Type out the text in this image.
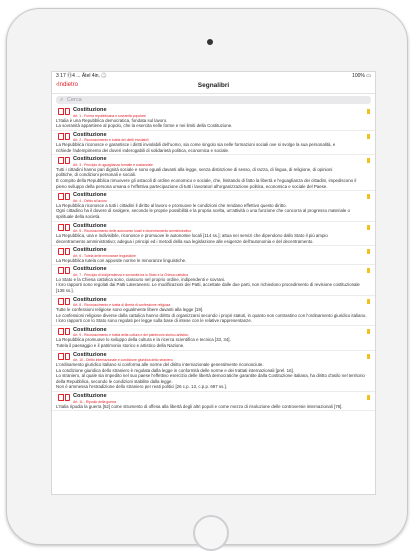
3 17 Ⓗ4 ... Ätel 4in. ㊂	100% ▭
‹Indietro	Segnalibri
⌕ Cerca
Costituzione
Art. 1 - Forma repubblicana e sovranità popolare
L'Italia è una Repubblica democratica, fondata sul lavoro.
La sovranità appartiene al popolo, che la esercita nelle forme e nei limiti della Costituzione.
Costituzione
Art. 2 - Riconoscimento e tutela dei diritti inviolabili
La Repubblica riconosce e garantisce i diritti inviolabili dell'uomo, sia come singolo sia nelle formazioni sociali ove si svolge la sua personalità, e
richiede l'adempimento dei doveri inderogabili di solidarietà politica, economica e sociale.
Costituzione
Art. 3 - Principio di uguaglianza formale e sostanziale
Tutti i cittadini hanno pari dignità sociale e sono eguali davanti alla legge, senza distinzione di sesso, di razza, di lingua, di religione, di opinioni
politiche, di condizioni personali e sociali.
È compito della Repubblica rimuovere gli ostacoli di ordine economico e sociale, che, limitando di fatto la libertà e l'eguaglianza dei cittadini, impediscono il
pieno sviluppo della persona umana e l'effettiva partecipazione di tutti i lavoratori all'organizzazione politica, economica e sociale del Paese.
Costituzione
Art. 4 - Diritto al lavoro
La Repubblica riconosce a tutti i cittadini il diritto al lavoro e promuove le condizioni che rendano effettivo questo diritto.
Ogni cittadino ha il dovere di svolgere, secondo le proprie possibilità e la propria scelta, un'attività o una funzione che concorra al progresso materiale o
spirituale della società.
Costituzione
Art. 5 - Riconoscimento delle autonomie locali e decentramento amministrativo
La Repubblica, una e indivisibile, riconosce e promuove le autonomie locali [114 ss.]; attua nei servizi che dipendono dallo Stato il più ampio
decentramento amministrativo; adegua i principi ed i metodi della sua legislazione alle esigenze dell'autonomia e del decentramento.
Costituzione
Art. 6 - Tutela delle minoranze linguistiche
La Repubblica tutela con apposite norme le minoranze linguistiche.
Costituzione
Art. 7 - Principio di indipendenza e sovranità tra lo Stato e la Chiesa cattolica
Lo Stato e la Chiesa cattolica sono, ciascuno nel proprio ordine, indipendenti e sovrani.
I loro rapporti sono regolati dai Patti Lateranensi. Le modificazioni dei Patti, accettate dalle due parti, non richiedono procedimento di revisione costituzionale
[138 ss.].
Costituzione
Art. 8 - Riconoscimento e tutela di libertà di confessione religiosa
Tutte le confessioni religiose sono egualmente libere davanti alla legge [19].
Le confessioni religiose diverse dalla cattolica hanno diritto di organizzarsi secondo i propri statuti, in quanto non contrastino con l'ordinamento giuridico italiano.
I loro rapporti con lo Stato sono regolati per legge sulla base di intese con le relative rappresentanze.
Costituzione
Art. 9 - Riconoscimento e tutela della cultura e del patrimonio storico-artistico
La Repubblica promuove lo sviluppo della cultura e la ricerca scientifica e tecnica [33, 34].
Tutela il paesaggio e il patrimonio storico e artistico della Nazione.
Costituzione
Art. 10 - Diritto internazionale e condizione giuridica dello straniero
L'ordinamento giuridico italiano si conforma alle norme del diritto internazionale generalmente riconosciute.
La condizione giuridica dello straniero è regolata dalla legge in conformità delle norme e dei trattati internazionali [prel. 16].
Lo straniero, al quale sia impedito nel suo paese l'effettivo esercizio delle libertà democratiche garantite dalla Costituzione italiana, ha diritto d'asilo nel territorio
della Repubblica, secondo le condizioni stabilite dalla legge.
Non è ammessa l'estradizione dello straniero per reati politici [26 c.p. 13, c.p.p. 697 ss.].
Costituzione
Art. 11 - Ripudio della guerra
L'Italia ripudia la guerra [52] come strumento di offesa alla libertà degli altri popoli e come mezzo di risoluzione delle controversie internazionali [78].
